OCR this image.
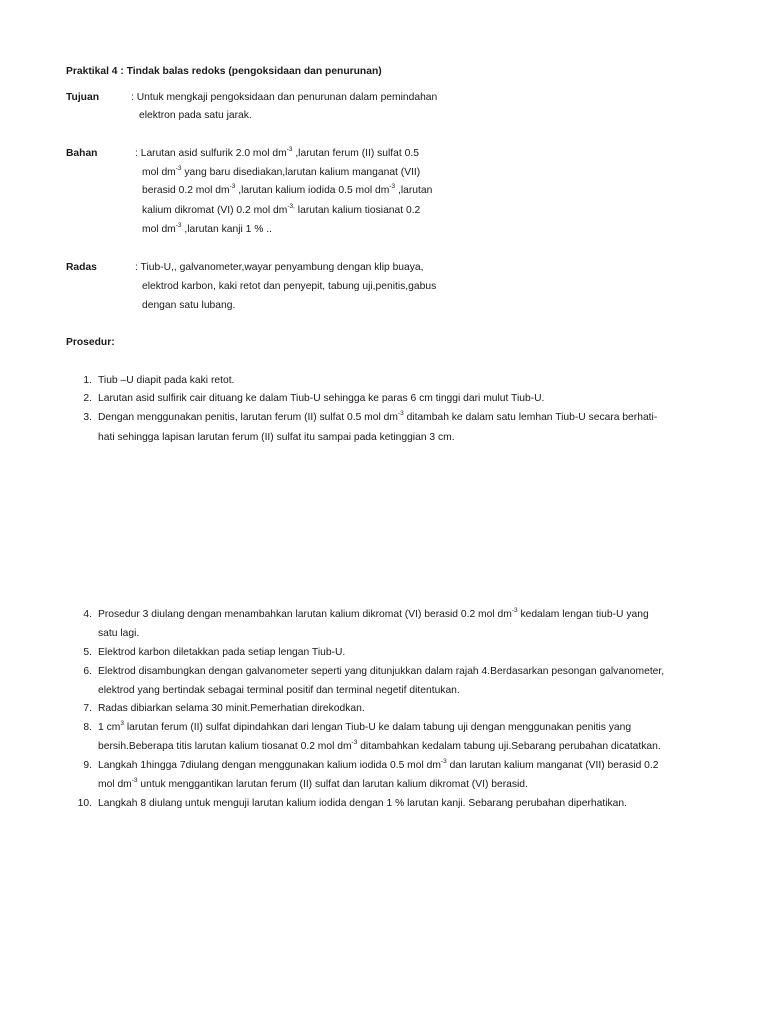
Praktikal 4 : Tindak balas redoks (pengoksidaan dan penurunan)
Tujuan	: Untuk mengkaji pengoksidaan dan penurunan dalam pemindahan
elektron pada satu jarak.
Bahan	: Larutan asid sulfurik 2.0 mol $dm^{-3}$ ,larutan ferum (II) sulfat 0.5
mol $dm^{-3}$ yang baru disediakan,larutan kalium manganat (VII)
berasid 0.2 mol $dm^{-3}$ ,larutan kalium iodida 0.5 mol $dm^{-3}$ ,larutan
kalium dikromat (VI) 0.2 mol $dm^{-3,}$ larutan kalium tiosianat 0.2
mol $dm^{-3}$ ,larutan kanji 1 % ..
Radas	: Tiub-U,, galvanometer,wayar penyambung dengan klip buaya,
elektrod karbon, kaki retot dan penyepit, tabung uji,penitis,gabus
dengan satu lubang.
Prosedur:
1. Tiub –U diapit pada kaki retot.
2. Larutan asid sulfirik cair dituang ke dalam Tiub-U sehingga ke paras 6 cm tinggi dari mulut Tiub-U.
3. Dengan menggunakan penitis, larutan ferum (II) sulfat 0.5 mol $dm^{-3}$ ditambah ke dalam satu lemhan Tiub-U secara berhati-
hati sehingga lapisan larutan ferum (II) sulfat itu sampai pada ketinggian 3 cm.
4. Prosedur 3 diulang dengan menambahkan larutan kalium dikromat (VI) berasid 0.2 mol $dm^{-3}$ kedalam lengan tiub-U yang
satu lagi.
5. Elektrod karbon diletakkan pada setiap lengan Tiub-U.
6. Elektrod disambungkan dengan galvanometer seperti yang ditunjukkan dalam rajah 4.Berdasarkan pesongan galvanometer,
elektrod yang bertindak sebagai terminal positif dan terminal negetif ditentukan.
7. Radas dibiarkan selama 30 minit.Pemerhatian direkodkan.
8. 1 $cm^3$ larutan ferum (II) sulfat dipindahkan dari lengan Tiub-U ke dalam tabung uji dengan menggunakan penitis yang
bersih.Beberapa titis larutan kalium tiosanat 0.2 mol $dm^{-3}$ ditambahkan kedalam tabung uji.Sebarang perubahan dicatatkan.
9. Langkah 1hingga 7diulang dengan menggunakan kalium iodida 0.5 mol $dm^{-3}$ dan larutan kalium manganat (VII) berasid 0.2
mol $dm^{-3}$ untuk menggantikan larutan ferum (II) sulfat dan larutan kalium dikromat (VI) berasid.
10. Langkah 8 diulang untuk menguji larutan kalium iodida dengan 1 % larutan kanji. Sebarang perubahan diperhatikan.
